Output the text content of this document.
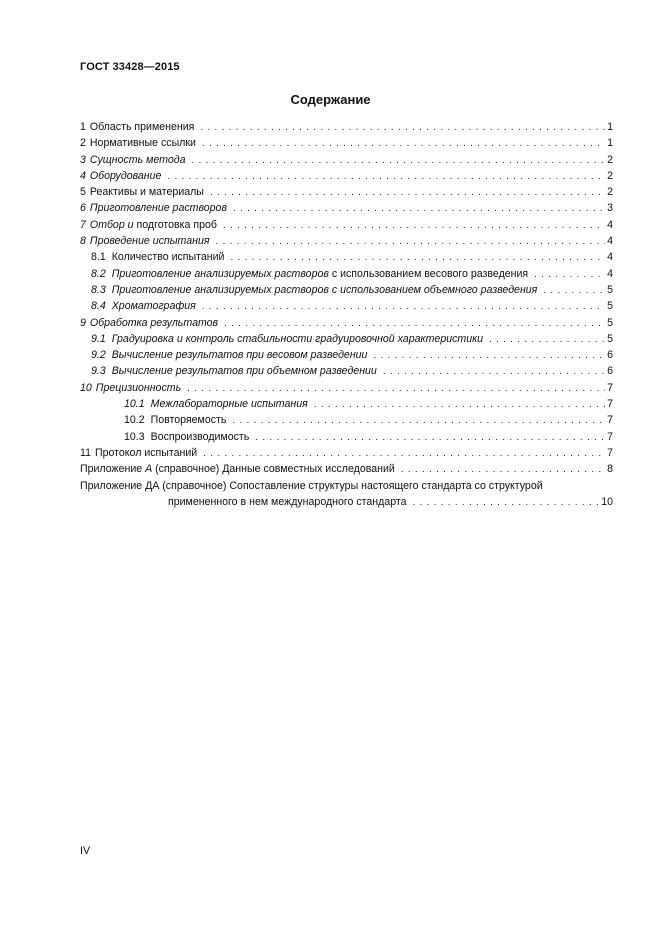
ГОСТ 33428—2015
Содержание
1 Область применения . . .	1
2 Нормативные ссылки . . .	1
3 Сущность метода . . .	2
4 Оборудование . . .	2
5 Реактивы и материалы . . .	2
6 Приготовление растворов . . .	3
7 Отбор и подготовка проб . . .	4
8 Проведение испытания . . .	4
8.1 Количество испытаний . . .	4
8.2 Приготовление анализируемых растворов с использованием весового разведения . . .	4
8.3 Приготовление анализируемых растворов с использованием объемного разведения . . .	5
8.4 Хроматография . . .	5
9 Обработка результатов . . .	5
9.1 Градуировка и контроль стабильности градуировочной характеристики . . .	5
9.2 Вычисление результатов при весовом разведении . . .	6
9.3 Вычисление результатов при объемном разведении . . .	6
10 Прецизионность . . .	7
10.1 Межлабораторные испытания . . .	7
10.2 Повторяемость . . .	7
10.3 Воспроизводимость . . .	7
11 Протокол испытаний . . .	7
Приложение А (справочное) Данные совместных исследований . . .	8
Приложение ДА (справочное) Сопоставление структуры настоящего стандарта со структурой
примененного в нем международного стандарта . . .	10
IV
